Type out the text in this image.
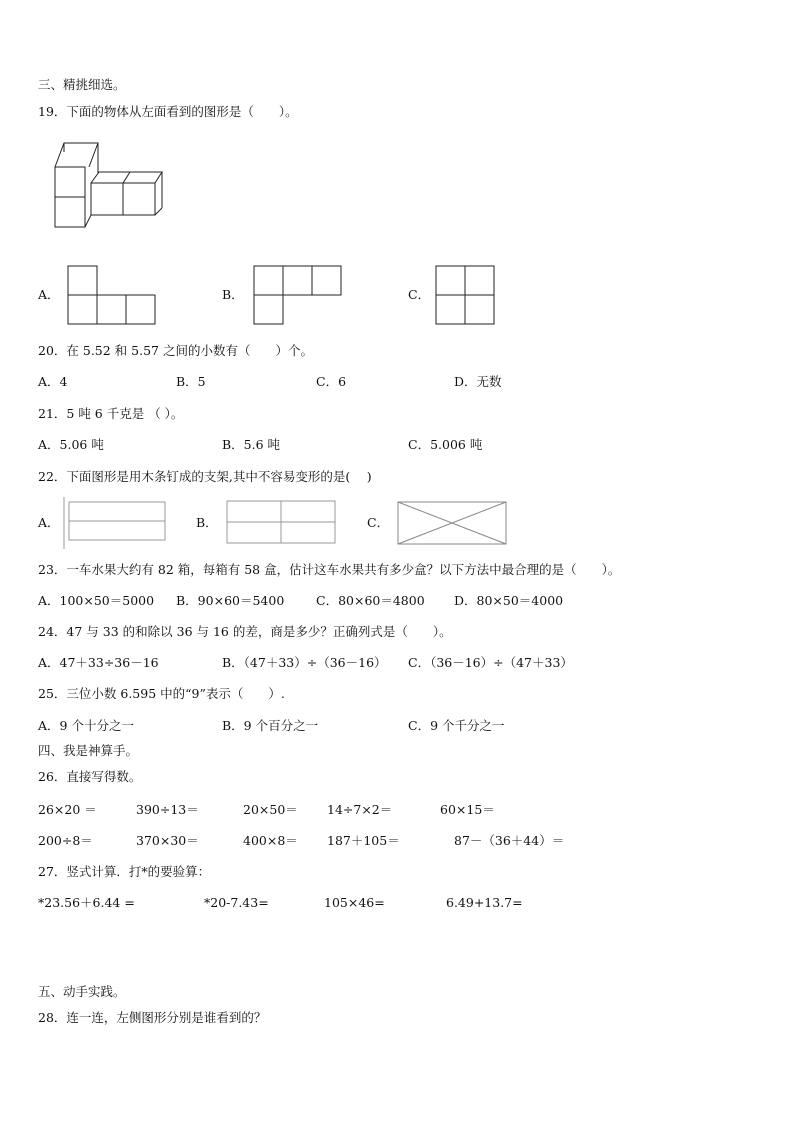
三、精挑细选。
19．下面的物体从左面看到的图形是（　　）。
A．	B．	C．
20．在 5.52 和 5.57 之间的小数有（　　）个。
A．4	B．5	C．6	D．无数
21．5 吨 6 千克是 （ ）。
A．5.06 吨	B．5.6 吨	C．5.006 吨
22．下面图形是用木条钉成的支架,其中不容易变形的是(　 )
A．	B．	C．
23．一车水果大约有 82 箱，每箱有 58 盒，估计这车水果共有多少盒？以下方法中最合理的是（　　）。
A．100×50＝5000 B．90×60＝5400	C．80×60＝4800 D．80×50＝4000
24．47 与 33 的和除以 36 与 16 的差，商是多少？正确列式是（　　）。
A．47＋33÷36－16	B．（47＋33）÷（36－16） C．（36－16）÷（47＋33）
25．三位小数 6.595 中的“9”表示（　　）.
A．9 个十分之一	B．9 个百分之一	C．9 个千分之一
四、我是神算手。
26．直接写得数。
26×20 ＝	390÷13＝	20×50＝ 14÷7×2＝	60×15＝
200÷8＝	370×30＝	400×8＝ 187＋105＝	87－（36＋44）＝
27．竖式计算．打*的要验算：
*23.56＋6.44 =	*20-7.43=	105×46=	6.49+13.7=
五、动手实践。
28．连一连，左侧图形分别是谁看到的？
